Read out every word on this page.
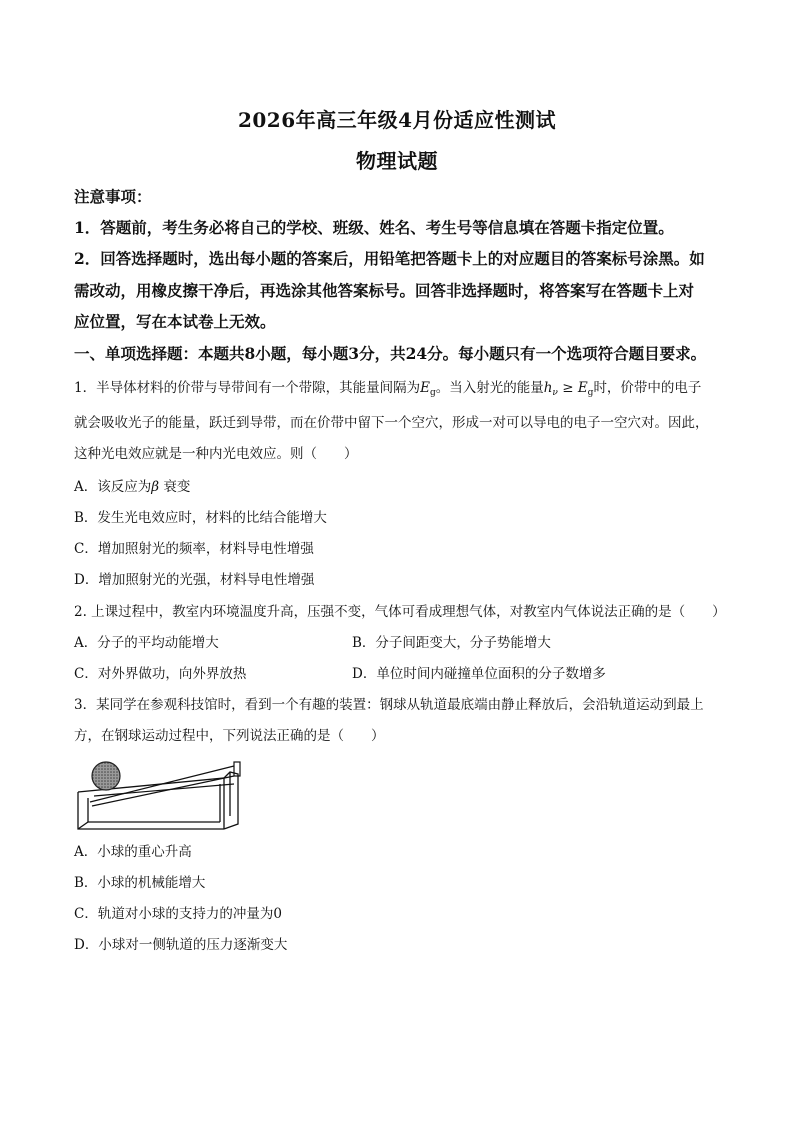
2026年高三年级4月份适应性测试
物理试题
注意事项：
1．答题前，考生务必将自己的学校、班级、姓名、考生号等信息填在答题卡指定位置。
2．回答选择题时，选出每小题的答案后，用铅笔把答题卡上的对应题目的答案标号涂黑。如
需改动，用橡皮擦干净后，再选涂其他答案标号。回答非选择题时，将答案写在答题卡上对
应位置，写在本试卷上无效。
一、单项选择题：本题共8小题，每小题3分，共24分。每小题只有一个选项符合题目要求。
1．半导体材料的价带与导带间有一个带隙，其能量间隔为$E_g$。当入射光的能量$h_\nu \ge E_g$时，价带中的电子
就会吸收光子的能量，跃迁到导带，而在价带中留下一个空穴，形成一对可以导电的电子一空穴对。因此，
这种光电效应就是一种内光电效应。则（　　）
A．该反应为β 衰变
B．发生光电效应时，材料的比结合能增大
C．增加照射光的频率，材料导电性增强
D．增加照射光的光强，材料导电性增强
2. 上课过程中，教室内环境温度升高，压强不变，气体可看成理想气体，对教室内气体说法正确的是（　　）
A．分子的平均动能增大	B．分子间距变大，分子势能增大
C．对外界做功，向外界放热	D．单位时间内碰撞单位面积的分子数增多
3．某同学在参观科技馆时，看到一个有趣的装置：钢球从轨道最底端由静止释放后，会沿轨道运动到最上
方，在钢球运动过程中，下列说法正确的是（　　）
A．小球的重心升高
B．小球的机械能增大
C．轨道对小球的支持力的冲量为0
D．小球对一侧轨道的压力逐渐变大
